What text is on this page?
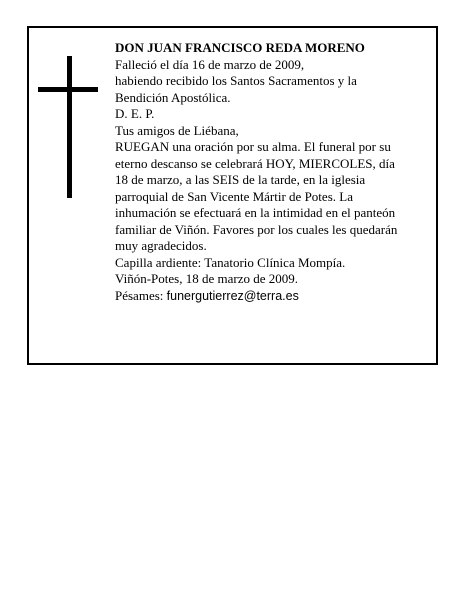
DON JUAN FRANCISCO REDA MORENO
Falleció el día 16 de marzo de 2009,
habiendo recibido los Santos Sacramentos y la
Bendición Apostólica.
D. E. P.
Tus amigos de Liébana,
RUEGAN una oración por su alma. El funeral por su
eterno descanso se celebrará HOY, MIERCOLES, día
18 de marzo, a las SEIS de la tarde, en la iglesia
parroquial de San Vicente Mártir de Potes. La
inhumación se efectuará en la intimidad en el panteón
familiar de Viñón. Favores por los cuales les quedarán
muy agradecidos.
Capilla ardiente: Tanatorio Clínica Mompía.
Viñón-Potes, 18 de marzo de 2009.
Pésames: funergutierrez@terra.es
